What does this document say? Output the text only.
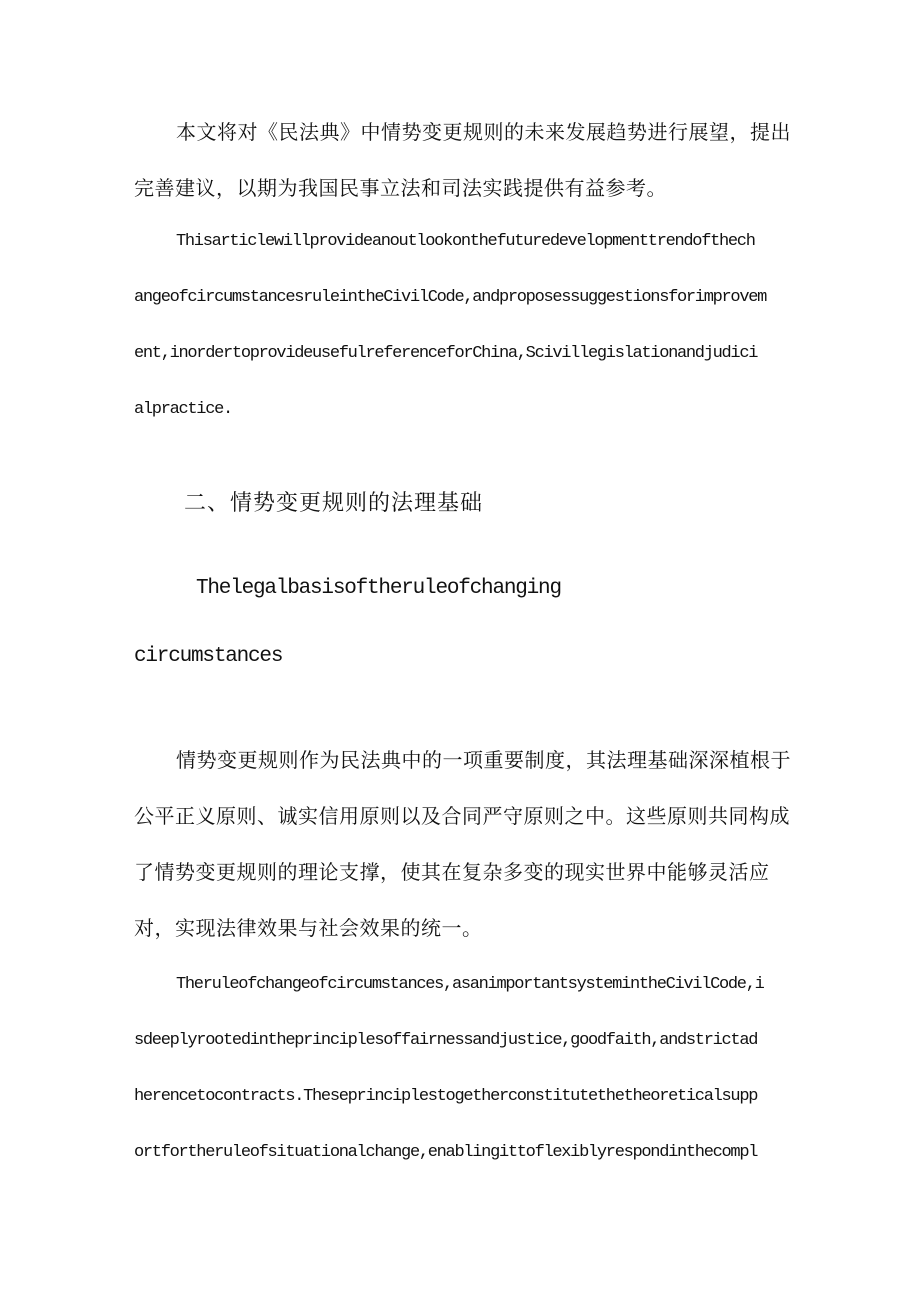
本文将对《民法典》中情势变更规则的未来发展趋势进行展望，提出

完善建议，以期为我国民事立法和司法实践提供有益参考。

Thisarticlewillprovideanoutlookonthefuturedevelopmenttrendofthech

angeofcircumstancesruleintheCivilCode,andproposessuggestionsforimprovem

ent,inordertoprovideusefulreferenceforChina,Scivillegislationandjudici

alpractice.

二、情势变更规则的法理基础
Thelegalbasisoftheruleofchanging
circumstances

情势变更规则作为民法典中的一项重要制度，其法理基础深深植根于

公平正义原则、诚实信用原则以及合同严守原则之中。这些原则共同构成

了情势变更规则的理论支撑，使其在复杂多变的现实世界中能够灵活应

对，实现法律效果与社会效果的统一。

Theruleofchangeofcircumstances,asanimportantsystemintheCivilCode,i

sdeeplyrootedintheprinciplesoffairnessandjustice,goodfaith,andstrictad

herencetocontracts.Theseprinciplestogetherconstitutethetheoreticalsupp

ortfortheruleofsituationalchange,enablingittoflexiblyrespondinthecompl
